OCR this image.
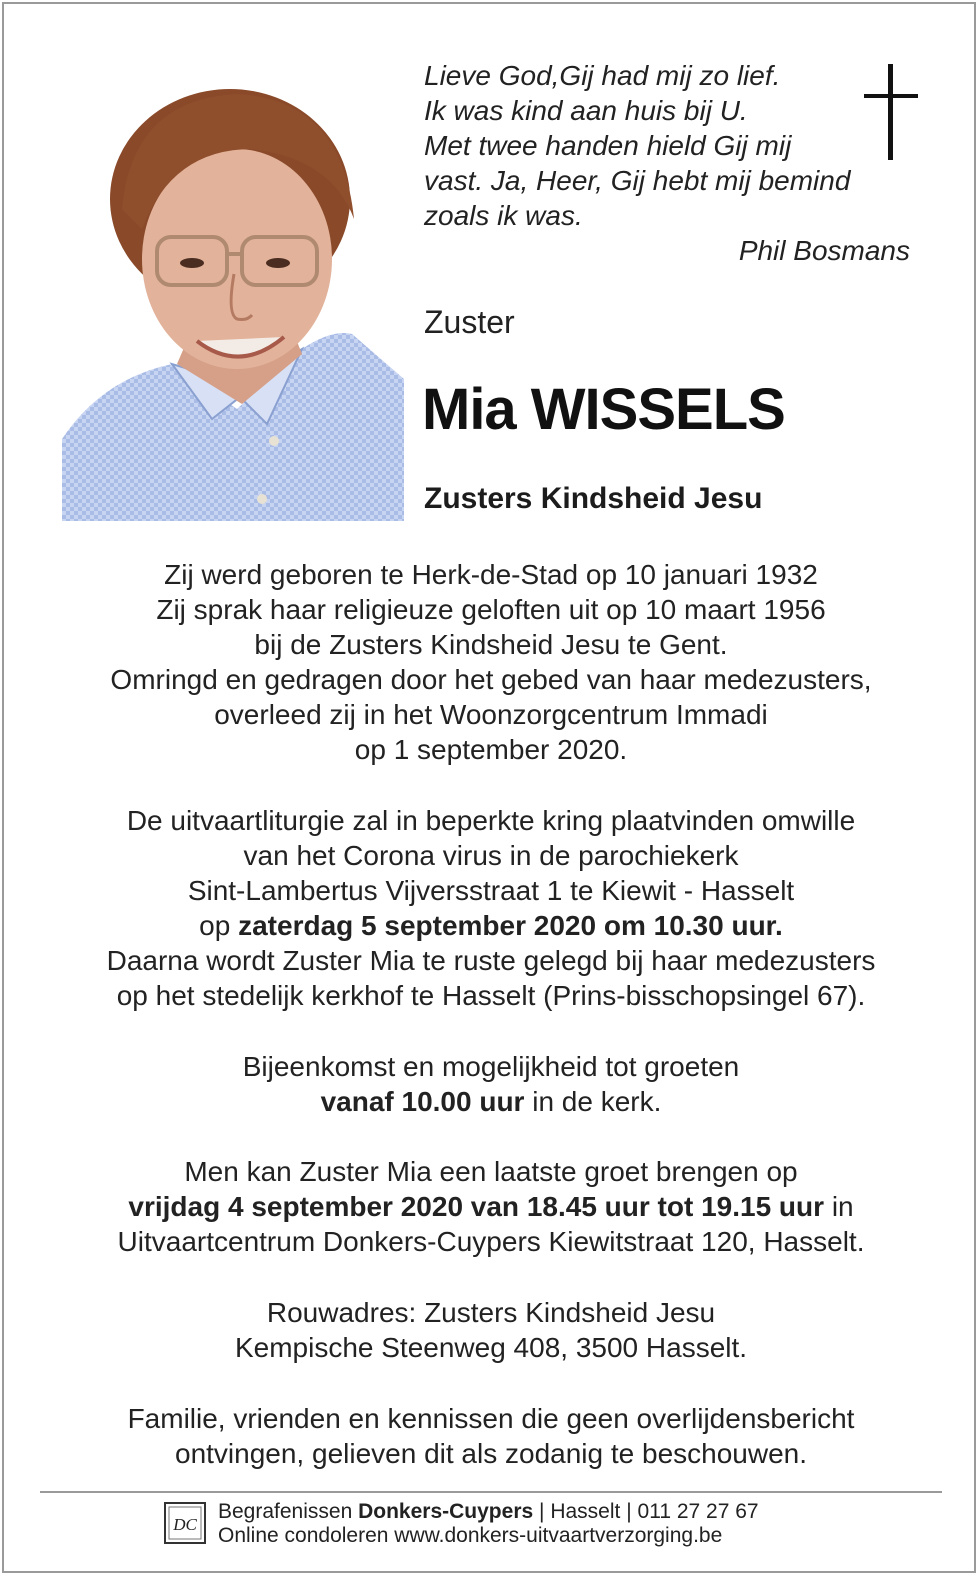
Lieve God,Gij had mij zo lief.
Ik was kind aan huis bij U.
Met twee handen hield Gij mij
vast. Ja, Heer, Gij hebt mij bemind
zoals ik was.
Phil Bosmans
Zuster
Mia WISSELS
Zusters Kindsheid Jesu
Zij werd geboren te Herk-de-Stad op 10 januari 1932
Zij sprak haar religieuze geloften uit op 10 maart 1956
bij de Zusters Kindsheid Jesu te Gent.
Omringd en gedragen door het gebed van haar medezusters,
overleed zij in het Woonzorgcentrum Immadi
op 1 september 2020.
De uitvaartliturgie zal in beperkte kring plaatvinden omwille
van het Corona virus in de parochiekerk
Sint-Lambertus Vijversstraat 1 te Kiewit - Hasselt
op zaterdag 5 september 2020 om 10.30 uur.
Daarna wordt Zuster Mia te ruste gelegd bij haar medezusters
op het stedelijk kerkhof te Hasselt (Prins-bisschopsingel 67).
Bijeenkomst en mogelijkheid tot groeten
vanaf 10.00 uur in de kerk.
Men kan Zuster Mia een laatste groet brengen op
vrijdag 4 september 2020 van 18.45 uur tot 19.15 uur in
Uitvaartcentrum Donkers-Cuypers Kiewitstraat 120, Hasselt.
Rouwadres: Zusters Kindsheid Jesu
Kempische Steenweg 408, 3500 Hasselt.
Familie, vrienden en kennissen die geen overlijdensbericht
ontvingen, gelieven dit als zodanig te beschouwen.
DC
Begrafenissen Donkers-Cuypers | Hasselt | 011 27 27 67
Online condoleren www.donkers-uitvaartverzorging.be
